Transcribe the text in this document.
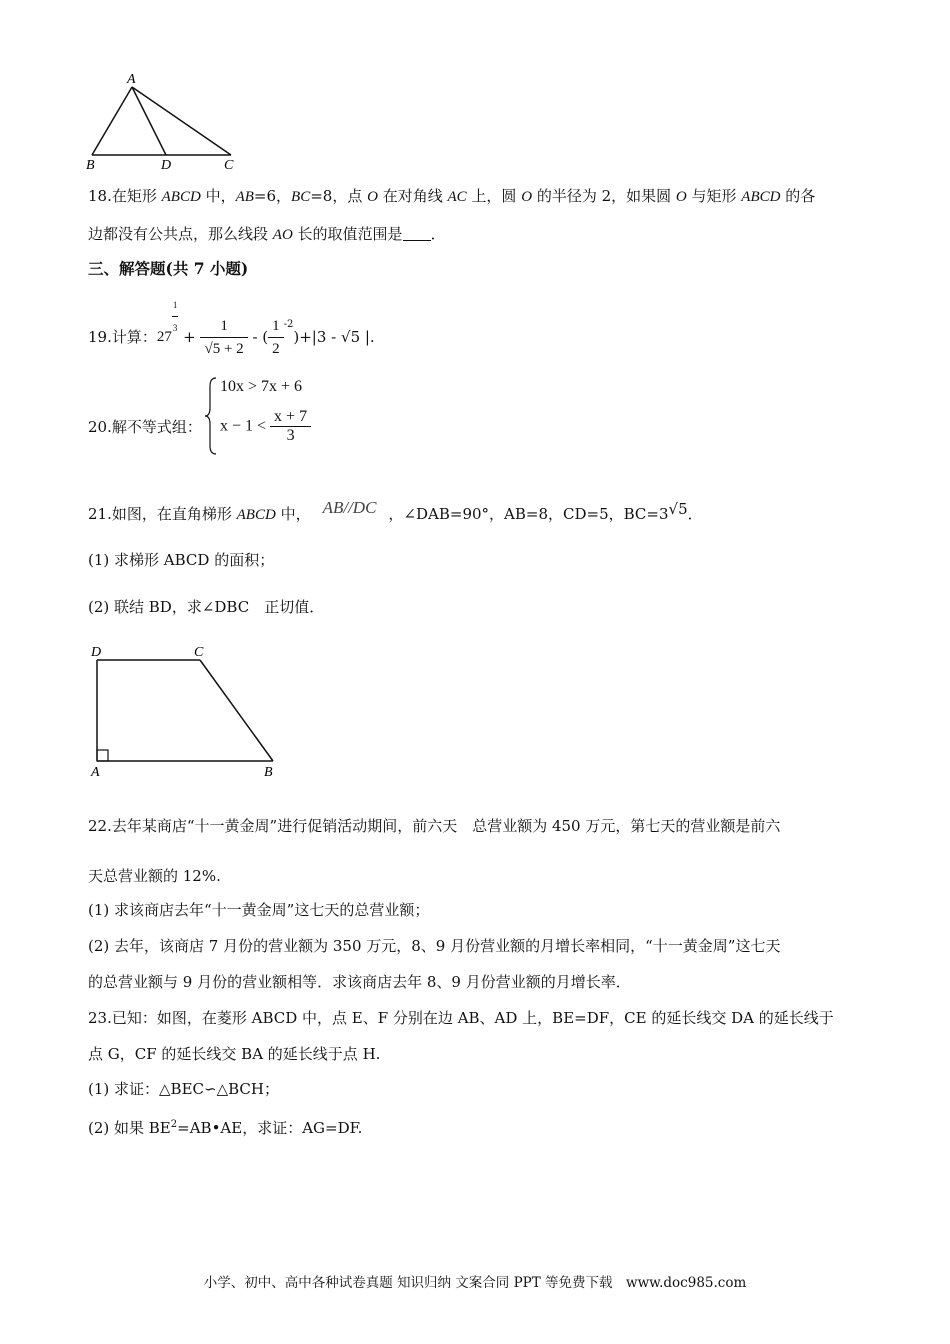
A
B	D	C
18.在矩形 ABCD 中，AB=6，BC=8，点 O 在对角线 AC 上，圆 O 的半径为 2，如果圆 O 与矩形 ABCD 的各
边都没有公共点，那么线段 AO 长的取值范围是 ．
三、解答题(共 7 小题)
19.计算：$27 \frac{1}{3} + \frac{1}{√5 + 2}$ - ( $\frac{1}{2} ^{-2})+|3 - √5$ |.
20.解不等式组：
10x > 7x + 6
$x - 1 < \frac{x + 7}{3}$
21.如图，在直角梯形 ABCD 中， AB//DC ，∠DAB=90°，AB=8，CD=5，BC=3√5．
(1) 求梯形 ABCD 的面积；
(2) 联结 BD，求∠DBC　正切值．
D	C
A	B
22.去年某商店“十一黄金周”进行促销活动期间，前六天　总营业额为 450 万元，第七天的营业额是前六
天总营业额的 12%.
(1) 求该商店去年“十一黄金周”这七天的总营业额；
(2) 去年，该商店 7 月份的营业额为 350 万元，8、9 月份营业额的月增长率相同，“十一黄金周”这七天
的总营业额与 9 月份的营业额相等．求该商店去年 8、9 月份营业额的月增长率．
23.已知：如图，在菱形 ABCD 中，点 E、F 分别在边 AB、AD 上，BE=DF，CE 的延长线交 DA 的延长线于
点 G，CF 的延长线交 BA 的延长线于点 H.
(1) 求证：△BEC∽△BCH；
(2) 如果 $BE^2=AB•AE$，求证：AG=DF.
小学、初中、高中各种试卷真题 知识归纳 文案合同 PPT 等免费下载　www.doc985.com
